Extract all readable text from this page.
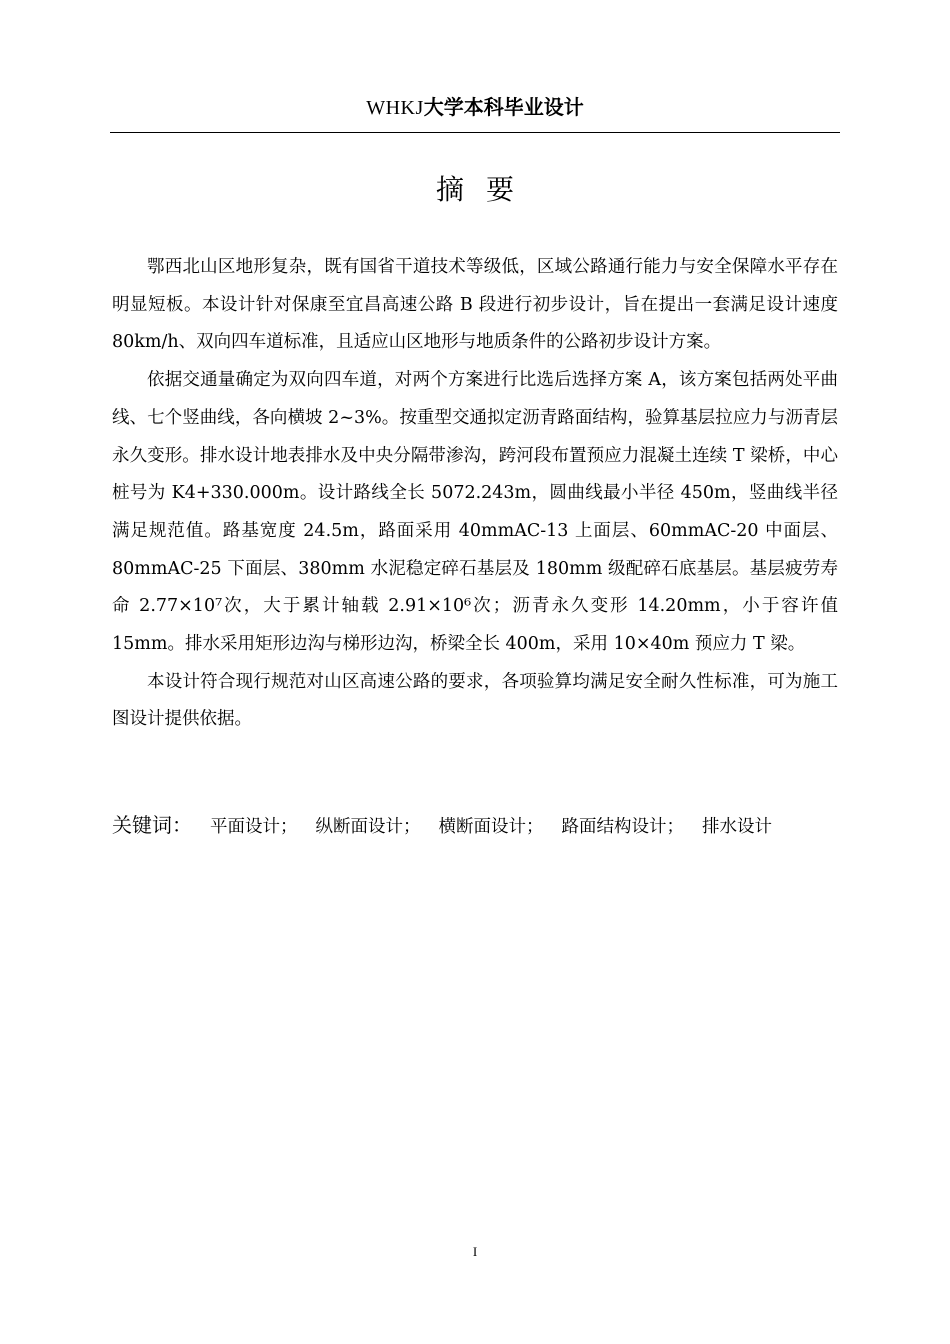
WHKJ大学本科毕业设计
摘要

鄂西北山区地形复杂，既有国省干道技术等级低，区域公路通行能力与安全保障水平存在明显短板。本设计针对保康至宜昌高速公路 B 段进行初步设计，旨在提出一套满足设计速度 80km/h、双向四车道标准，且适应山区地形与地质条件的公路初步设计方案。

依据交通量确定为双向四车道，对两个方案进行比选后选择方案 A，该方案包括两处平曲线、七个竖曲线，各向横坡 2~3%。按重型交通拟定沥青路面结构，验算基层拉应力与沥青层永久变形。排水设计地表排水及中央分隔带渗沟，跨河段布置预应力混凝土连续 T 梁桥，中心桩号为 K4+330.000m。设计路线全长 5072.243m，圆曲线最小半径 450m，竖曲线半径满足规范值。路基宽度 24.5m，路面采用 40mmAC-13 上面层、60mmAC-20 中面层、80mmAC-25 下面层、380mm 水泥稳定碎石基层及 180mm 级配碎石底基层。基层疲劳寿命 2.77×10⁷次，大于累计轴载 2.91×10⁶次；沥青永久变形 14.20mm，小于容许值 15mm。排水采用矩形边沟与梯形边沟，桥梁全长 400m，采用 10×40m 预应力 T 梁。

本设计符合现行规范对山区高速公路的要求，各项验算均满足安全耐久性标准，可为施工图设计提供依据。

关键词： 平面设计； 纵断面设计； 横断面设计； 路面结构设计； 排水设计
I
